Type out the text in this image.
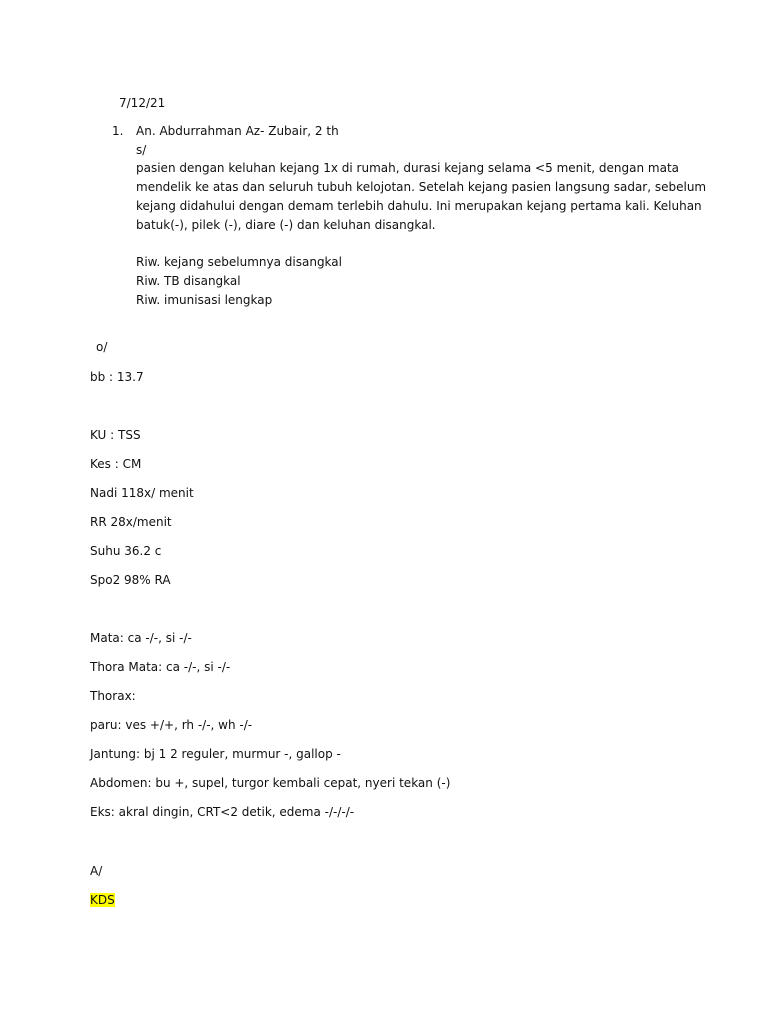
7/12/21
1. An. Abdurrahman Az- Zubair, 2 th
s/
pasien dengan keluhan kejang 1x di rumah, durasi kejang selama <5 menit, dengan mata
mendelik ke atas dan seluruh tubuh kelojotan. Setelah kejang pasien langsung sadar, sebelum
kejang didahului dengan demam terlebih dahulu. Ini merupakan kejang pertama kali. Keluhan
batuk(-), pilek (-), diare (-) dan keluhan disangkal.
Riw. kejang sebelumnya disangkal
Riw. TB disangkal
Riw. imunisasi lengkap
o/
bb : 13.7
KU : TSS
Kes : CM
Nadi 118x/ menit
RR 28x/menit
Suhu 36.2 c
Spo2 98% RA
Mata: ca -/-, si -/-
Thora Mata: ca -/-, si -/-
Thorax:
paru: ves +/+, rh -/-, wh -/-
Jantung: bj 1 2 reguler, murmur -, gallop -
Abdomen: bu +, supel, turgor kembali cepat, nyeri tekan (-)
Eks: akral dingin, CRT<2 detik, edema -/-/-/-
A/
KDS
